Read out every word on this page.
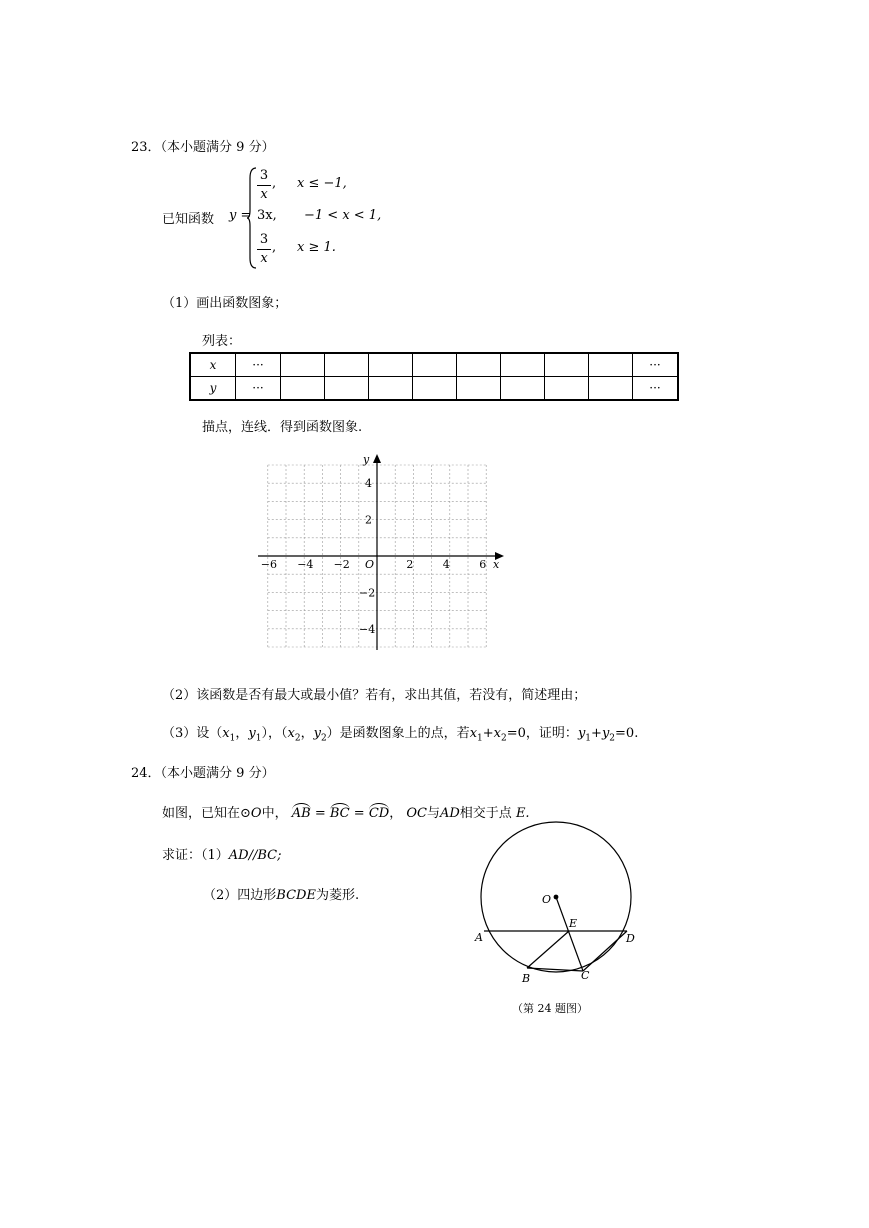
23．（本小题满分 9 分）
已知函数 y =
3
x
, x ≤ −1,
3x, −1 < x < 1,
3
x
, x ≥ 1.
（1）画出函数图象；
列表：
x	···									···
y	···									···
描点，连线．得到函数图象.
x
y
O
−6 −4 −2	2	4	6
4
2
−2
−4
（2）该函数是否有最大或最小值？若有，求出其值，若没有，简述理由；
（3）设（$x_1$，$y_1$），（$x_2$，$y_2$）是函数图象上的点，若$x_1+x_2=0$，证明：$y_1+y_2=0$.
24．（本小题满分 9 分）
如图，已知在⊙O中， AB = BC = CD， OC与AD相交于点 E.
求证：（1）AD//BC;
（2）四边形BCDE为菱形.	O
E
A
B	C
D
（第 24 题图）
